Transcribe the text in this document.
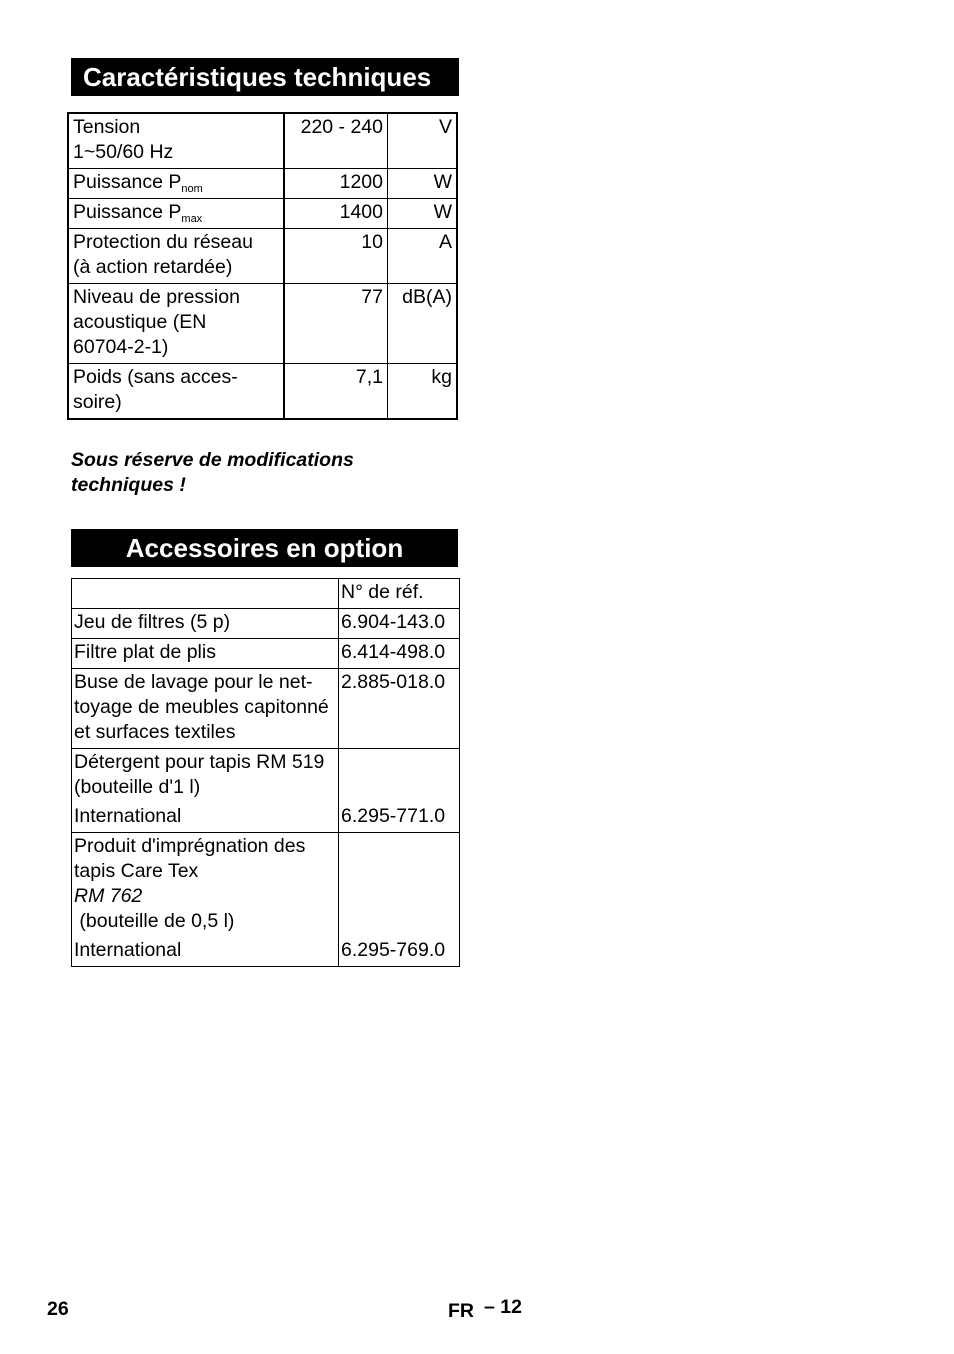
Caractéristiques techniques
Tension
1~50/60 Hz	220 - 240	V
Puissance $P_{nom}$	1200	W
Puissance $P_{max}$	1400	W
Protection du réseau
(à action retardée)	10	A
Niveau de pression
acoustique (EN
60704-2-1)	77	dB(A)
Poids (sans acces-
soire)	7,1	kg
Sous réserve de modifications techniques !
Accessoires en option
	N° de réf.
Jeu de filtres (5 p)	6.904-143.0
Filtre plat de plis	6.414-498.0
Buse de lavage pour le net-
toyage de meubles capitonné
et surfaces textiles	2.885-018.0
Détergent pour tapis RM 519
(bouteille d'1 l)
International	6.295-771.0
Produit d'imprégnation des
tapis Care Tex
RM 762
(bouteille de 0,5 l)
International	6.295-769.0
26	FR – 12
